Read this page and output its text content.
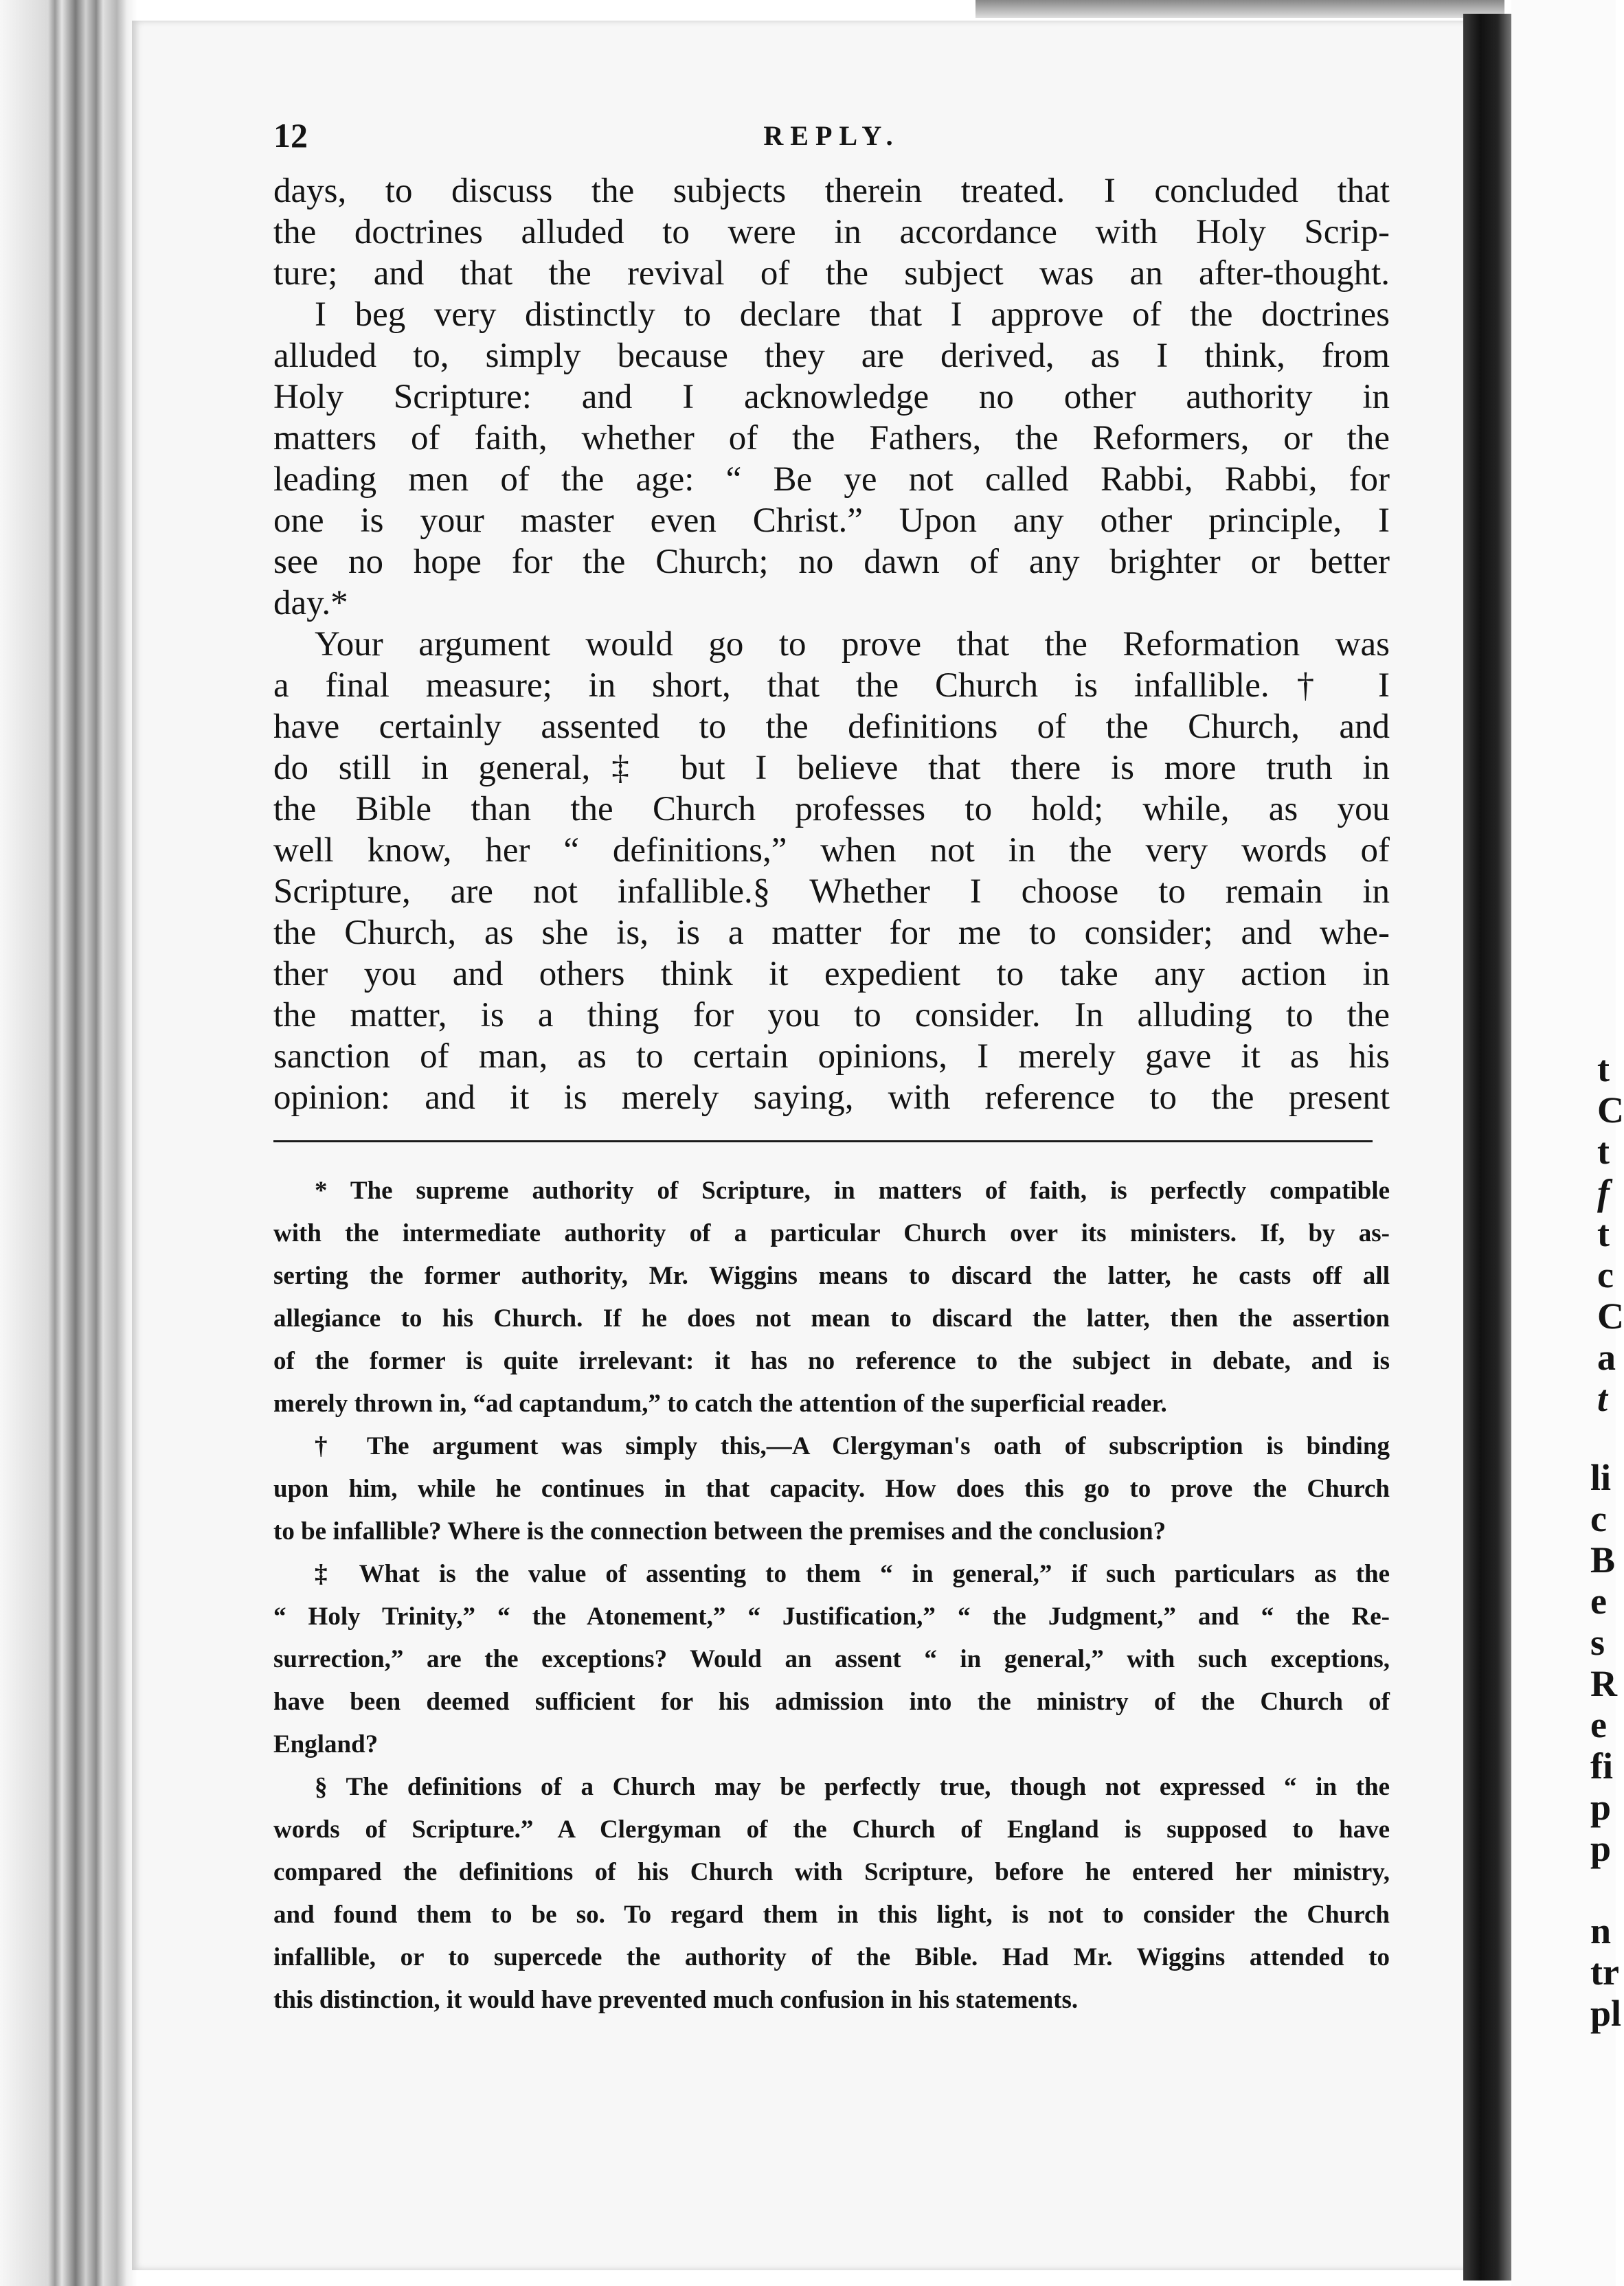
t
C
t
f
t
c
C
a
t
li
c
B
e
s
R
e
fi
p
p
n
tr
pl
12	REPLY.
days, to discuss the subjects therein treated. I concluded that
the doctrines alluded to were in accordance with Holy Scrip-
ture; and that the revival of the subject was an after-thought.
I beg very distinctly to declare that I approve of the doctrines
alluded to, simply because they are derived, as I think, from
Holy Scripture: and I acknowledge no other authority in
matters of faith, whether of the Fathers, the Reformers, or the
leading men of the age: “ Be ye not called Rabbi, Rabbi, for
one is your master even Christ.” Upon any other principle, I
see no hope for the Church; no dawn of any brighter or better
day.*
Your argument would go to prove that the Reformation was
a final measure; in short, that the Church is infallible.† I
have certainly assented to the definitions of the Church, and
do still in general,‡ but I believe that there is more truth in
the Bible than the Church professes to hold; while, as you
well know, her “ definitions,” when not in the very words of
Scripture, are not infallible.§ Whether I choose to remain in
the Church, as she is, is a matter for me to consider; and whe-
ther you and others think it expedient to take any action in
the matter, is a thing for you to consider. In alluding to the
sanction of man, as to certain opinions, I merely gave it as his
opinion: and it is merely saying, with reference to the present
* The supreme authority of Scripture, in matters of faith, is perfectly compatible
with the intermediate authority of a particular Church over its ministers. If, by as-
serting the former authority, Mr. Wiggins means to discard the latter, he casts off all
allegiance to his Church. If he does not mean to discard the latter, then the assertion
of the former is quite irrelevant: it has no reference to the subject in debate, and is
merely thrown in, “ad captandum,” to catch the attention of the superficial reader.
† The argument was simply this,—A Clergyman's oath of subscription is binding
upon him, while he continues in that capacity. How does this go to prove the Church
to be infallible? Where is the connection between the premises and the conclusion?
‡ What is the value of assenting to them “ in general,” if such particulars as the
“ Holy Trinity,” “ the Atonement,” “ Justification,” “ the Judgment,” and “ the Re-
surrection,” are the exceptions? Would an assent “ in general,” with such exceptions,
have been deemed sufficient for his admission into the ministry of the Church of
England?
§ The definitions of a Church may be perfectly true, though not expressed “ in the
words of Scripture.” A Clergyman of the Church of England is supposed to have
compared the definitions of his Church with Scripture, before he entered her ministry,
and found them to be so. To regard them in this light, is not to consider the Church
infallible, or to supercede the authority of the Bible. Had Mr. Wiggins attended to
this distinction, it would have prevented much confusion in his statements.
